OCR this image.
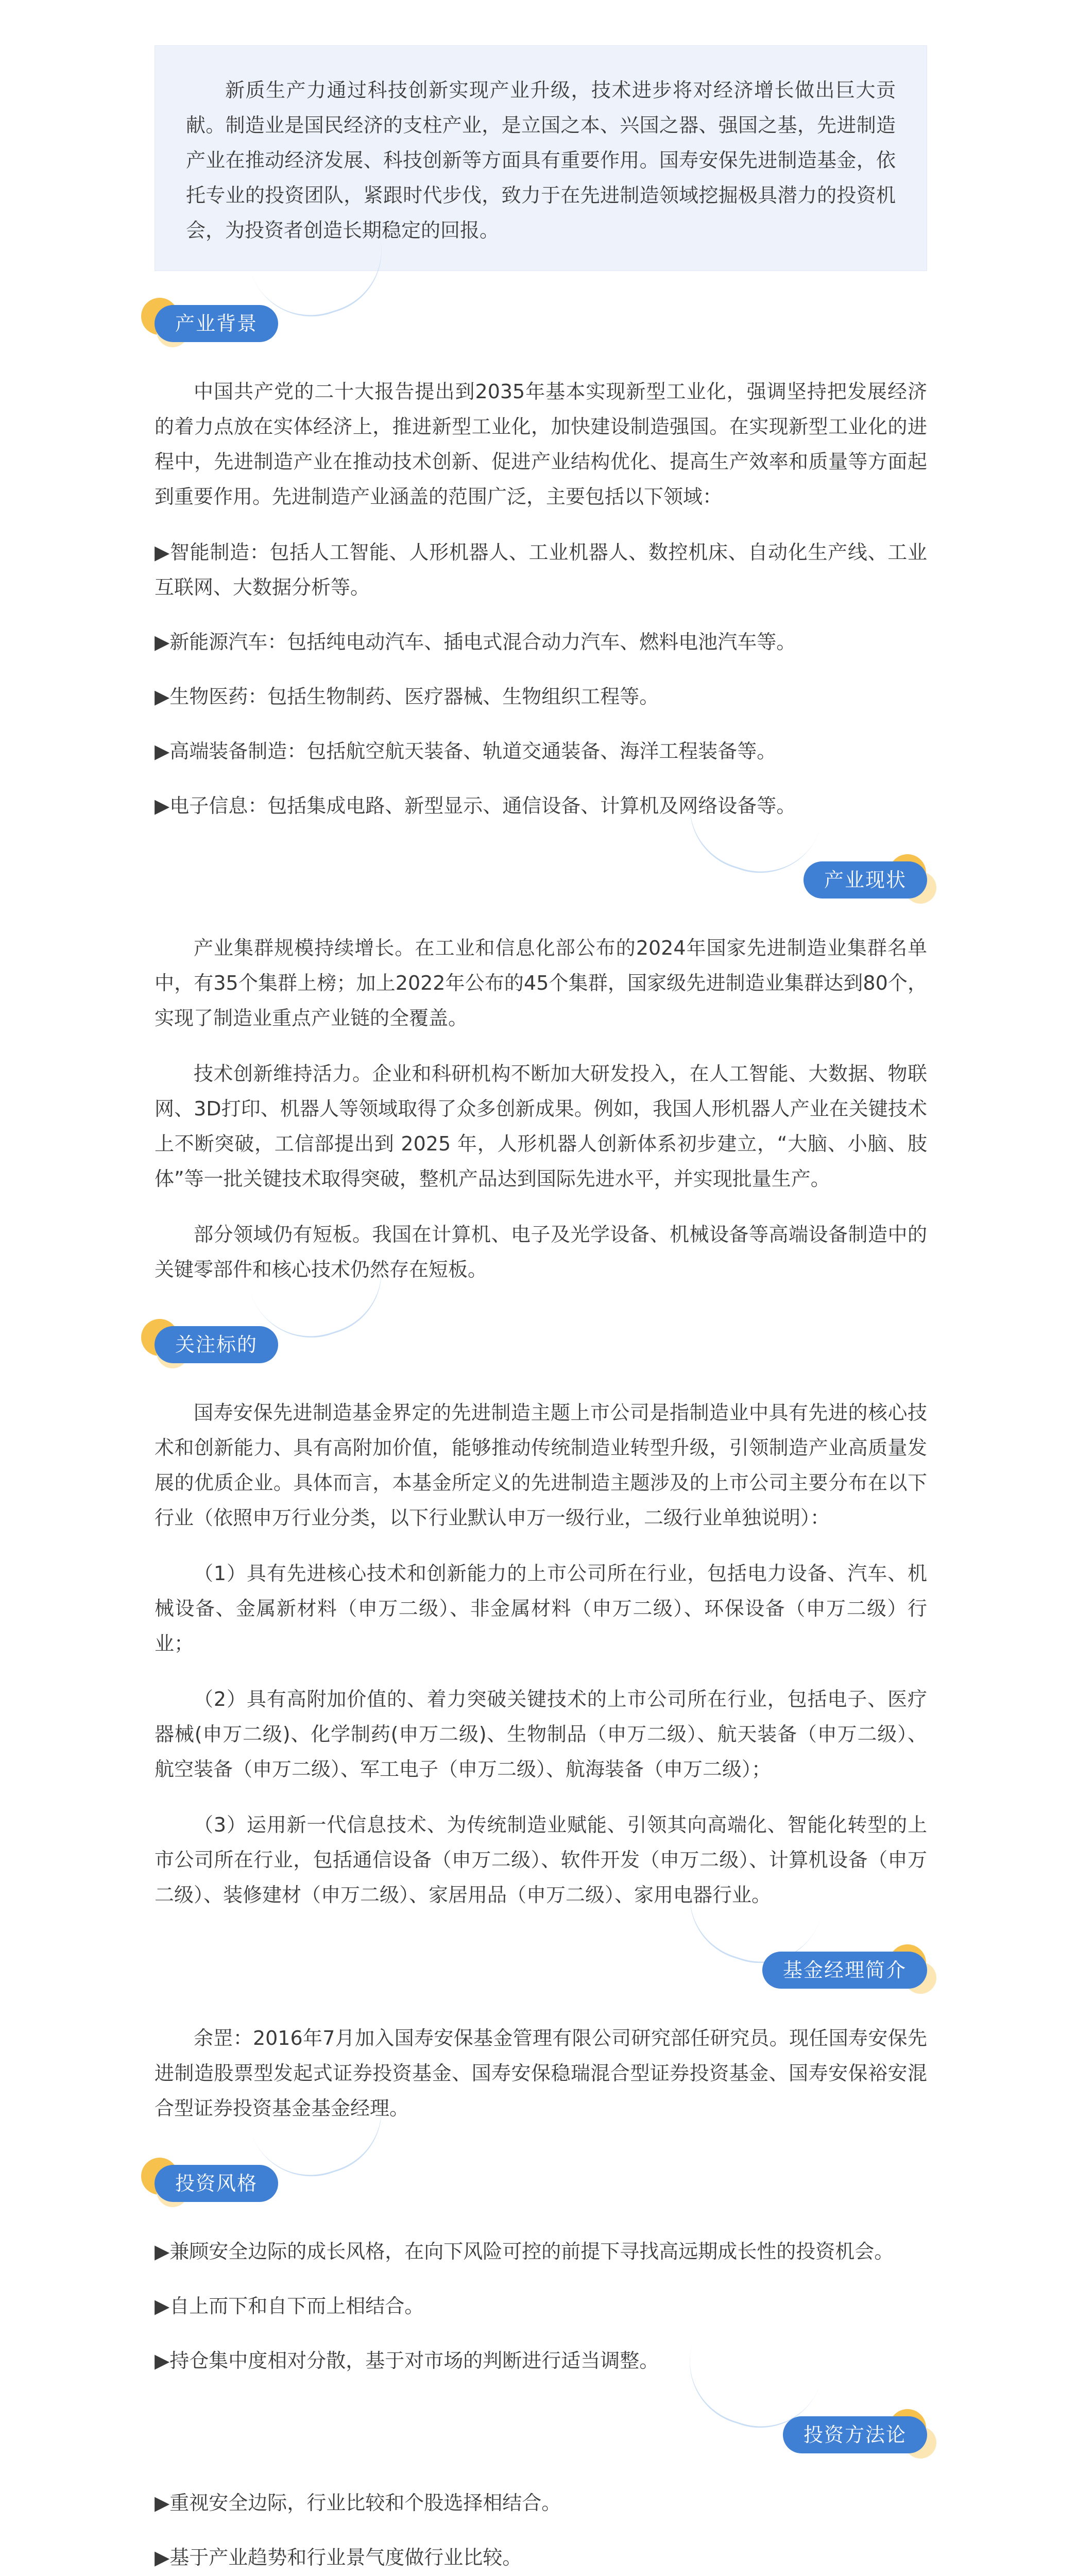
新质生产力通过科技创新实现产业升级，技术进步将对经济增长做出巨大贡献。制造业是国民经济的支柱产业，是立国之本、兴国之器、强国之基，先进制造产业在推动经济发展、科技创新等方面具有重要作用。国寿安保先进制造基金，依托专业的投资团队，紧跟时代步伐，致力于在先进制造领域挖掘极具潜力的投资机会，为投资者创造长期稳定的回报。

产业背景

中国共产党的二十大报告提出到2035年基本实现新型工业化，强调坚持把发展经济的着力点放在实体经济上，推进新型工业化，加快建设制造强国。在实现新型工业化的进程中，先进制造产业在推动技术创新、促进产业结构优化、提高生产效率和质量等方面起到重要作用。先进制造产业涵盖的范围广泛，主要包括以下领域：

▶智能制造：包括人工智能、人形机器人、工业机器人、数控机床、自动化生产线、工业互联网、大数据分析等。

▶新能源汽车：包括纯电动汽车、插电式混合动力汽车、燃料电池汽车等。

▶生物医药：包括生物制药、医疗器械、生物组织工程等。

▶高端装备制造：包括航空航天装备、轨道交通装备、海洋工程装备等。

▶电子信息：包括集成电路、新型显示、通信设备、计算机及网络设备等。

产业现状

产业集群规模持续增长。在工业和信息化部公布的2024年国家先进制造业集群名单中，有35个集群上榜；加上2022年公布的45个集群，国家级先进制造业集群达到80个，实现了制造业重点产业链的全覆盖。

技术创新维持活力。企业和科研机构不断加大研发投入，在人工智能、大数据、物联网、3D打印、机器人等领域取得了众多创新成果。例如，我国人形机器人产业在关键技术上不断突破，工信部提出到 2025 年，人形机器人创新体系初步建立，“大脑、小脑、肢体”等一批关键技术取得突破，整机产品达到国际先进水平，并实现批量生产。

部分领域仍有短板。我国在计算机、电子及光学设备、机械设备等高端设备制造中的关键零部件和核心技术仍然存在短板。

关注标的

国寿安保先进制造基金界定的先进制造主题上市公司是指制造业中具有先进的核心技术和创新能力、具有高附加价值，能够推动传统制造业转型升级，引领制造产业高质量发展的优质企业。具体而言，本基金所定义的先进制造主题涉及的上市公司主要分布在以下行业（依照申万行业分类，以下行业默认申万一级行业，二级行业单独说明）：

（1）具有先进核心技术和创新能力的上市公司所在行业，包括电力设备、汽车、机械设备、金属新材料（申万二级）、非金属材料（申万二级）、环保设备（申万二级）行业；

（2）具有高附加价值的、着力突破关键技术的上市公司所在行业，包括电子、医疗器械(申万二级)、化学制药(申万二级)、生物制品（申万二级）、航天装备（申万二级）、航空装备（申万二级）、军工电子（申万二级）、航海装备（申万二级）；

（3）运用新一代信息技术、为传统制造业赋能、引领其向高端化、智能化转型的上市公司所在行业，包括通信设备（申万二级）、软件开发（申万二级）、计算机设备（申万二级）、装修建材（申万二级）、家居用品（申万二级）、家用电器行业。

基金经理简介

余罡：2016年7月加入国寿安保基金管理有限公司研究部任研究员。现任国寿安保先进制造股票型发起式证券投资基金、国寿安保稳瑞混合型证券投资基金、国寿安保裕安混合型证券投资基金基金经理。

投资风格

▶兼顾安全边际的成长风格，在向下风险可控的前提下寻找高远期成长性的投资机会。

▶自上而下和自下而上相结合。

▶持仓集中度相对分散，基于对市场的判断进行适当调整。

投资方法论

▶重视安全边际，行业比较和个股选择相结合。

▶基于产业趋势和行业景气度做行业比较。
